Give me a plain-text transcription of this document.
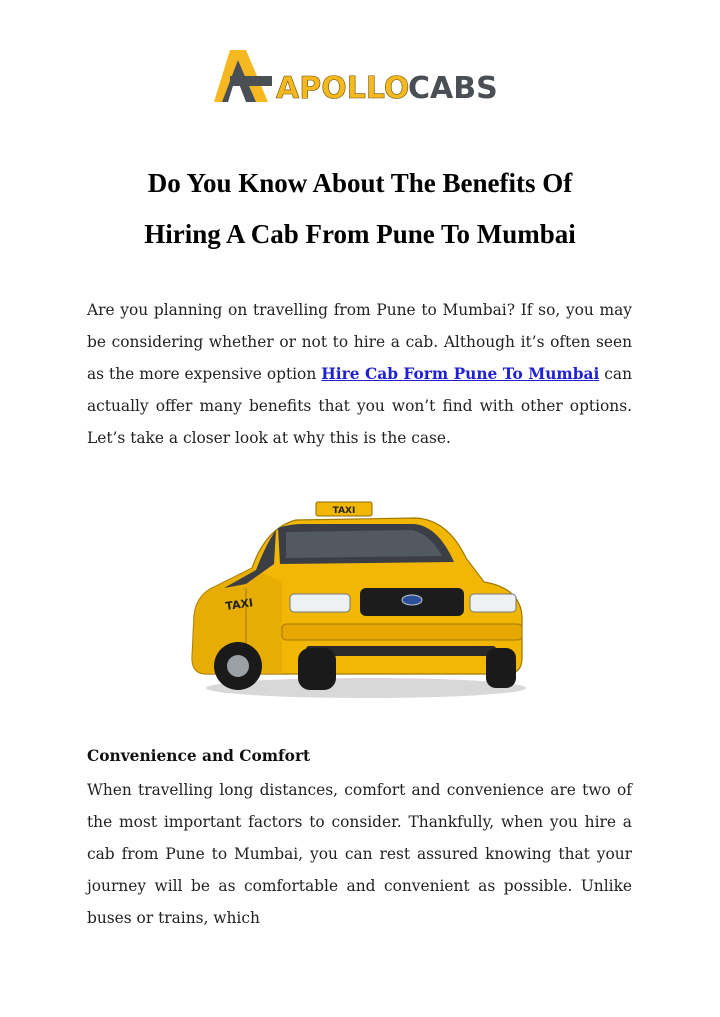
APOLLO
CABS
Do You Know About The Benefits Of
Hiring A Cab From Pune To Mumbai
Are you planning on travelling from Pune to Mumbai? If so, you may be considering whether or not to hire a cab. Although it’s often seen as the more expensive option Hire Cab Form Pune To Mumbai can actually offer many benefits that you won’t find with other options. Let’s take a closer look at why this is the case.
TAXI
TAXI
Convenience and Comfort
When travelling long distances, comfort and convenience are two of the most important factors to consider. Thankfully, when you hire a cab from Pune to Mumbai, you can rest assured knowing that your journey will be as comfortable and convenient as possible. Unlike buses or trains, which
